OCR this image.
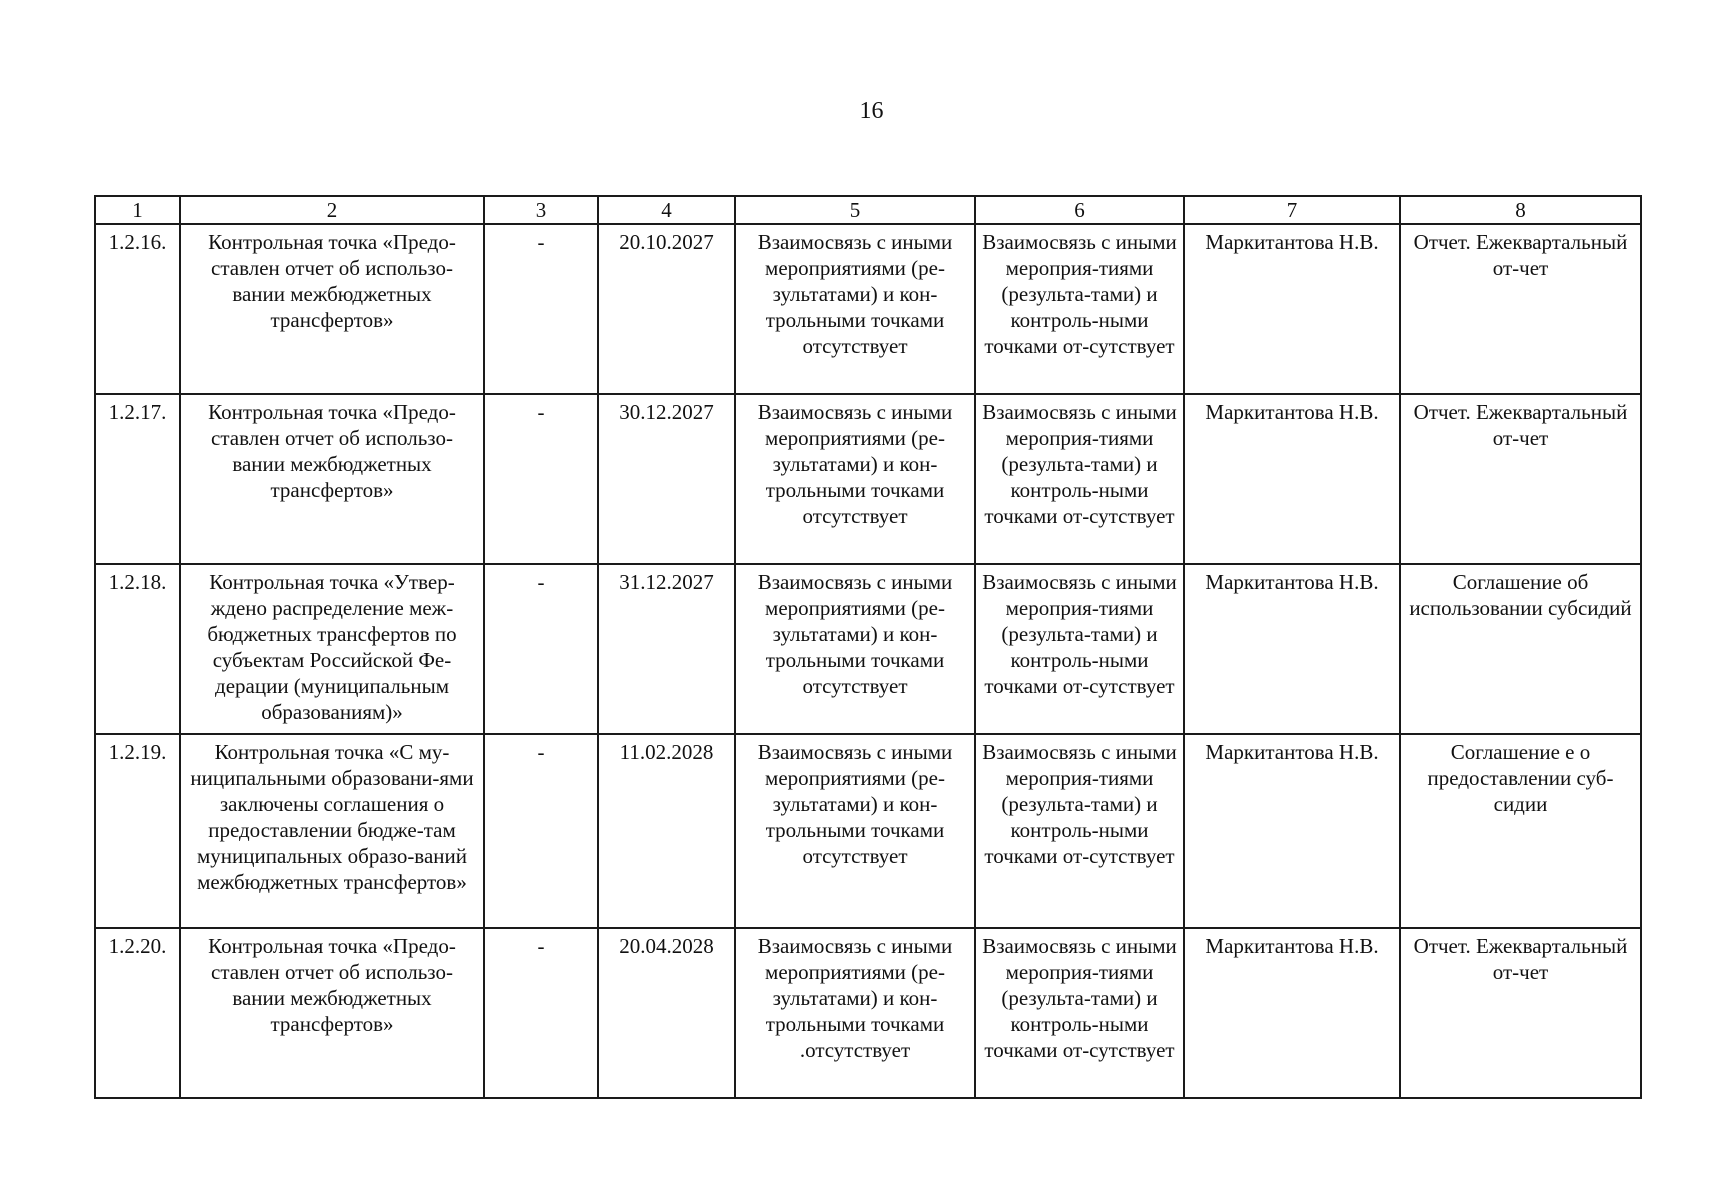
16
1	2	3	4	5	6	7	8
1.2.16.	Контрольная точка «Предо-ставлен отчет об использо-вании межбюджетных трансфертов»	-	20.10.2027	Взаимосвязь с иными мероприятиями (ре-зультатами) и кон-трольными точками отсутствует	Взаимосвязь с иными мероприя-тиями (результа-тами) и контроль-ными точками от-сутствует	Маркитантова Н.В.	Отчет. Ежеквартальный от-чет
1.2.17.	Контрольная точка «Предо-ставлен отчет об использо-вании межбюджетных трансфертов»	-	30.12.2027	Взаимосвязь с иными мероприятиями (ре-зультатами) и кон-трольными точками отсутствует	Взаимосвязь с иными мероприя-тиями (результа-тами) и контроль-ными точками от-сутствует	Маркитантова Н.В.	Отчет. Ежеквартальный от-чет
1.2.18.	Контрольная точка «Утвер-ждено распределение меж-бюджетных трансфертов по субъектам Российской Фе-дерации (муниципальным образованиям)»	-	31.12.2027	Взаимосвязь с иными мероприятиями (ре-зультатами) и кон-трольными точками отсутствует	Взаимосвязь с иными мероприя-тиями (результа-тами) и контроль-ными точками от-сутствует	Маркитантова Н.В.	Соглашение об использовании субсидий
1.2.19.	Контрольная точка «С му-ниципальными образовани-ями заключены соглашения о предоставлении бюдже-там муниципальных образо-ваний межбюджетных трансфертов»	-	11.02.2028	Взаимосвязь с иными мероприятиями (ре-зультатами) и кон-трольными точками отсутствует	Взаимосвязь с иными мероприя-тиями (результа-тами) и контроль-ными точками от-сутствует	Маркитантова Н.В.	Соглашение е о предоставлении суб-сидии
1.2.20.	Контрольная точка «Предо-ставлен отчет об использо-вании межбюджетных трансфертов»	-	20.04.2028	Взаимосвязь с иными мероприятиями (ре-зультатами) и кон-трольными точками .отсутствует	Взаимосвязь с иными мероприя-тиями (результа-тами) и контроль-ными точками от-сутствует	Маркитантова Н.В.	Отчет. Ежеквартальный от-чет
